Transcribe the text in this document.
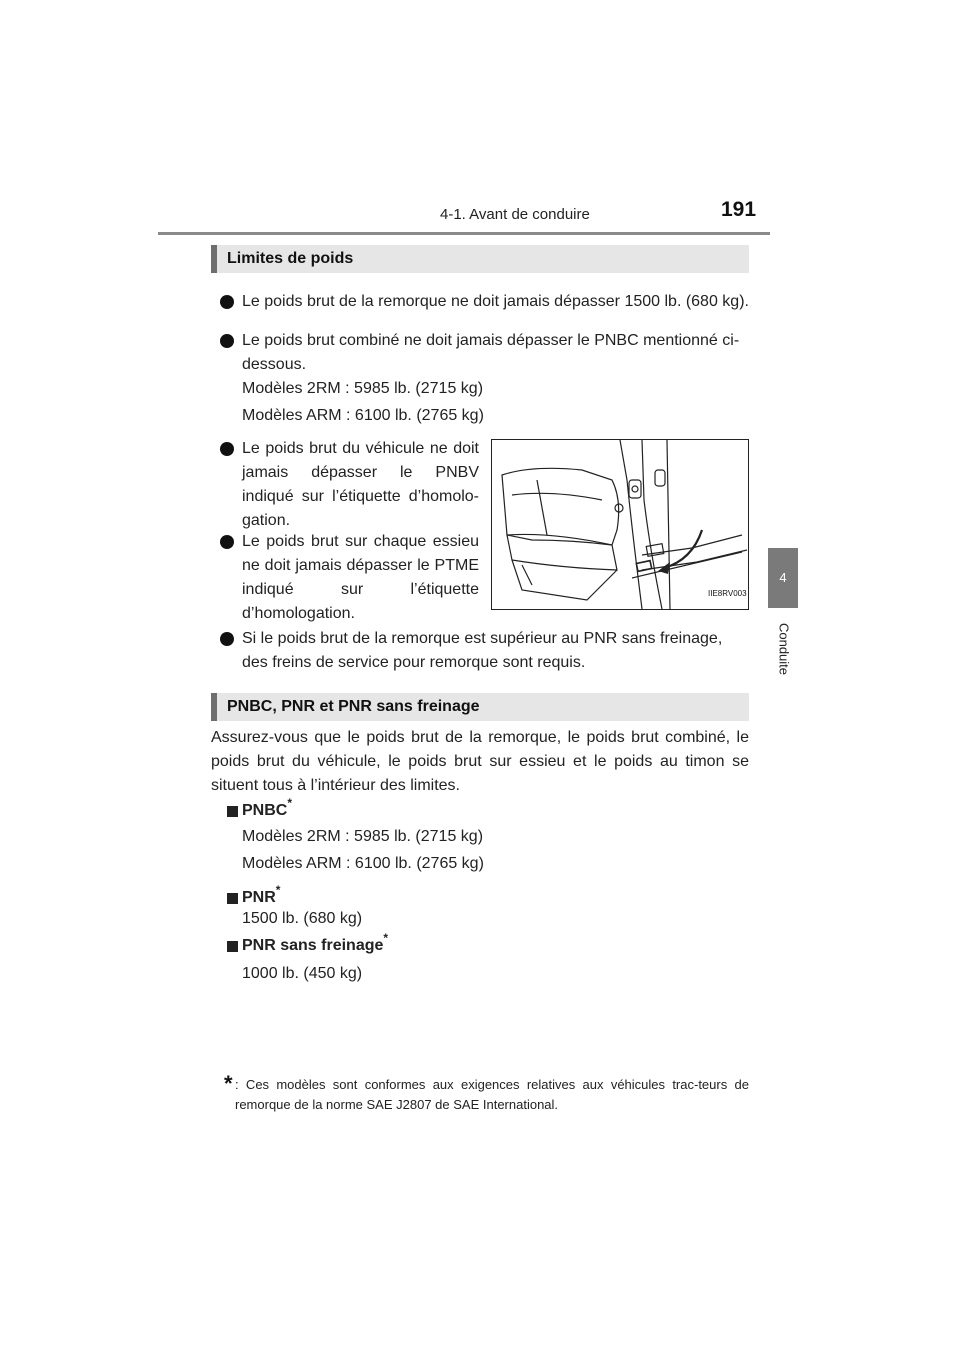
4-1. Avant de conduire	191
4
Conduite
Limites de poids
Le poids brut de la remorque ne doit jamais dépasser 1500 lb. (680 kg).
Le poids brut combiné ne doit jamais dépasser le PNBC mentionné ci-dessous.
Modèles 2RM : 5985 lb. (2715 kg)
Modèles ARM : 6100 lb. (2765 kg)
Le poids brut du véhicule ne doit jamais dépasser le PNBV indiqué sur l’étiquette d’homolo-gation.
Le poids brut sur chaque essieu ne doit jamais dépasser le PTME indiqué sur l’étiquette d’homologation.
IIE8RV003
Si le poids brut de la remorque est supérieur au PNR sans freinage, des freins de service pour remorque sont requis.
PNBC, PNR et PNR sans freinage
Assurez-vous que le poids brut de la remorque, le poids brut combiné, le poids brut du véhicule, le poids brut sur essieu et le poids au timon se situent tous à l’intérieur des limites.
PNBC*
Modèles 2RM : 5985 lb. (2715 kg)
Modèles ARM : 6100 lb. (2765 kg)
PNR*
1500 lb. (680 kg)
PNR sans freinage*
1000 lb. (450 kg)
* : Ces modèles sont conformes aux exigences relatives aux véhicules trac-teurs de remorque de la norme SAE J2807 de SAE International.
